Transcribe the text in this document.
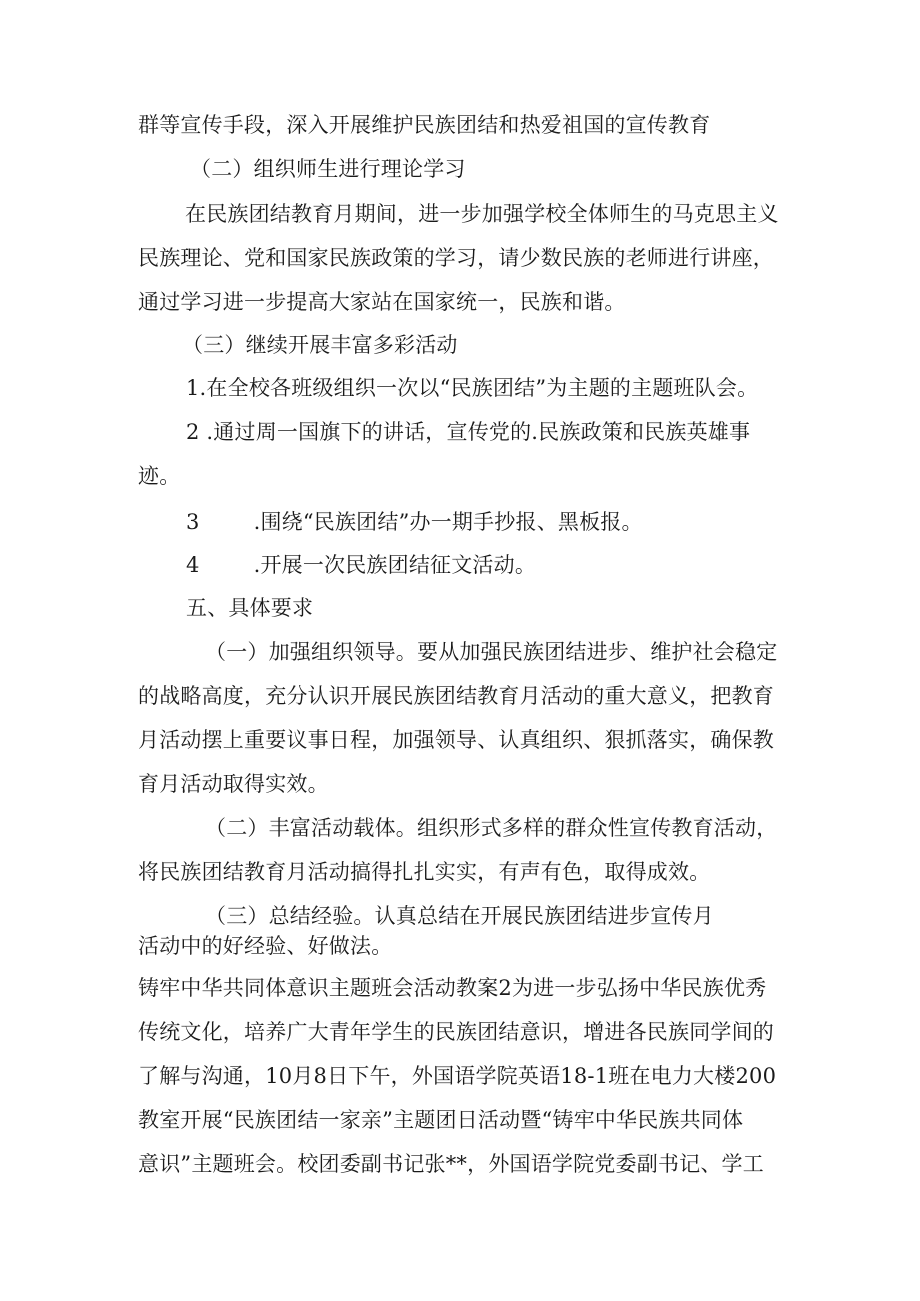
群等宣传手段，深入开展维护民族团结和热爱祖国的宣传教育
（二）组织师生进行理论学习
在民族团结教育月期间，进一步加强学校全体师生的马克思主义
民族理论、党和国家民族政策的学习，请少数民族的老师进行讲座，
通过学习进一步提高大家站在国家统一，民族和谐。
（三）继续开展丰富多彩活动
1.在全校各班级组织一次以“民族团结”为主题的主题班队会。
2 .通过周一国旗下的讲话，宣传党的.民族政策和民族英雄事
迹。
3	.围绕“民族团结”办一期手抄报、黑板报。
4	.开展一次民族团结征文活动。
五、具体要求
（一）加强组织领导。要从加强民族团结进步、维护社会稳定
的战略高度，充分认识开展民族团结教育月活动的重大意义，把教育
月活动摆上重要议事日程，加强领导、认真组织、狠抓落实，确保教
育月活动取得实效。
（二）丰富活动载体。组织形式多样的群众性宣传教育活动，
将民族团结教育月活动搞得扎扎实实，有声有色，取得成效。
（三）总结经验。认真总结在开展民族团结进步宣传月
活动中的好经验、好做法。
铸牢中华共同体意识主题班会活动教案2为进一步弘扬中华民族优秀
传统文化，培养广大青年学生的民族团结意识，增进各民族同学间的
了解与沟通，10月8日下午，外国语学院英语18-1班在电力大楼200
教室开展“民族团结一家亲”主题团日活动暨“铸牢中华民族共同体
意识”主题班会。校团委副书记张**，外国语学院党委副书记、学工
